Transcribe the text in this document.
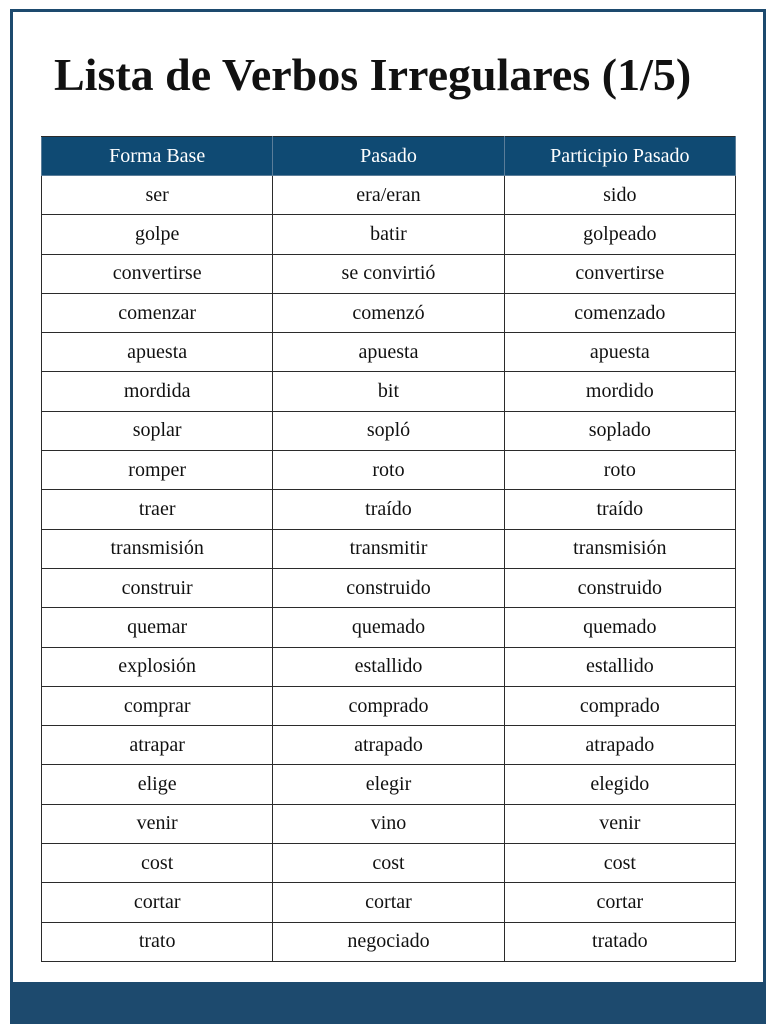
Lista de Verbos Irregulares (1/5)
Forma Base	Pasado	Participio Pasado
ser	era/eran	sido
golpe	batir	golpeado
convertirse	se convirtió	convertirse
comenzar	comenzó	comenzado
apuesta	apuesta	apuesta
mordida	bit	mordido
soplar	sopló	soplado
romper	roto	roto
traer	traído	traído
transmisión	transmitir	transmisión
construir	construido	construido
quemar	quemado	quemado
explosión	estallido	estallido
comprar	comprado	comprado
atrapar	atrapado	atrapado
elige	elegir	elegido
venir	vino	venir
cost	cost	cost
cortar	cortar	cortar
trato	negociado	tratado
